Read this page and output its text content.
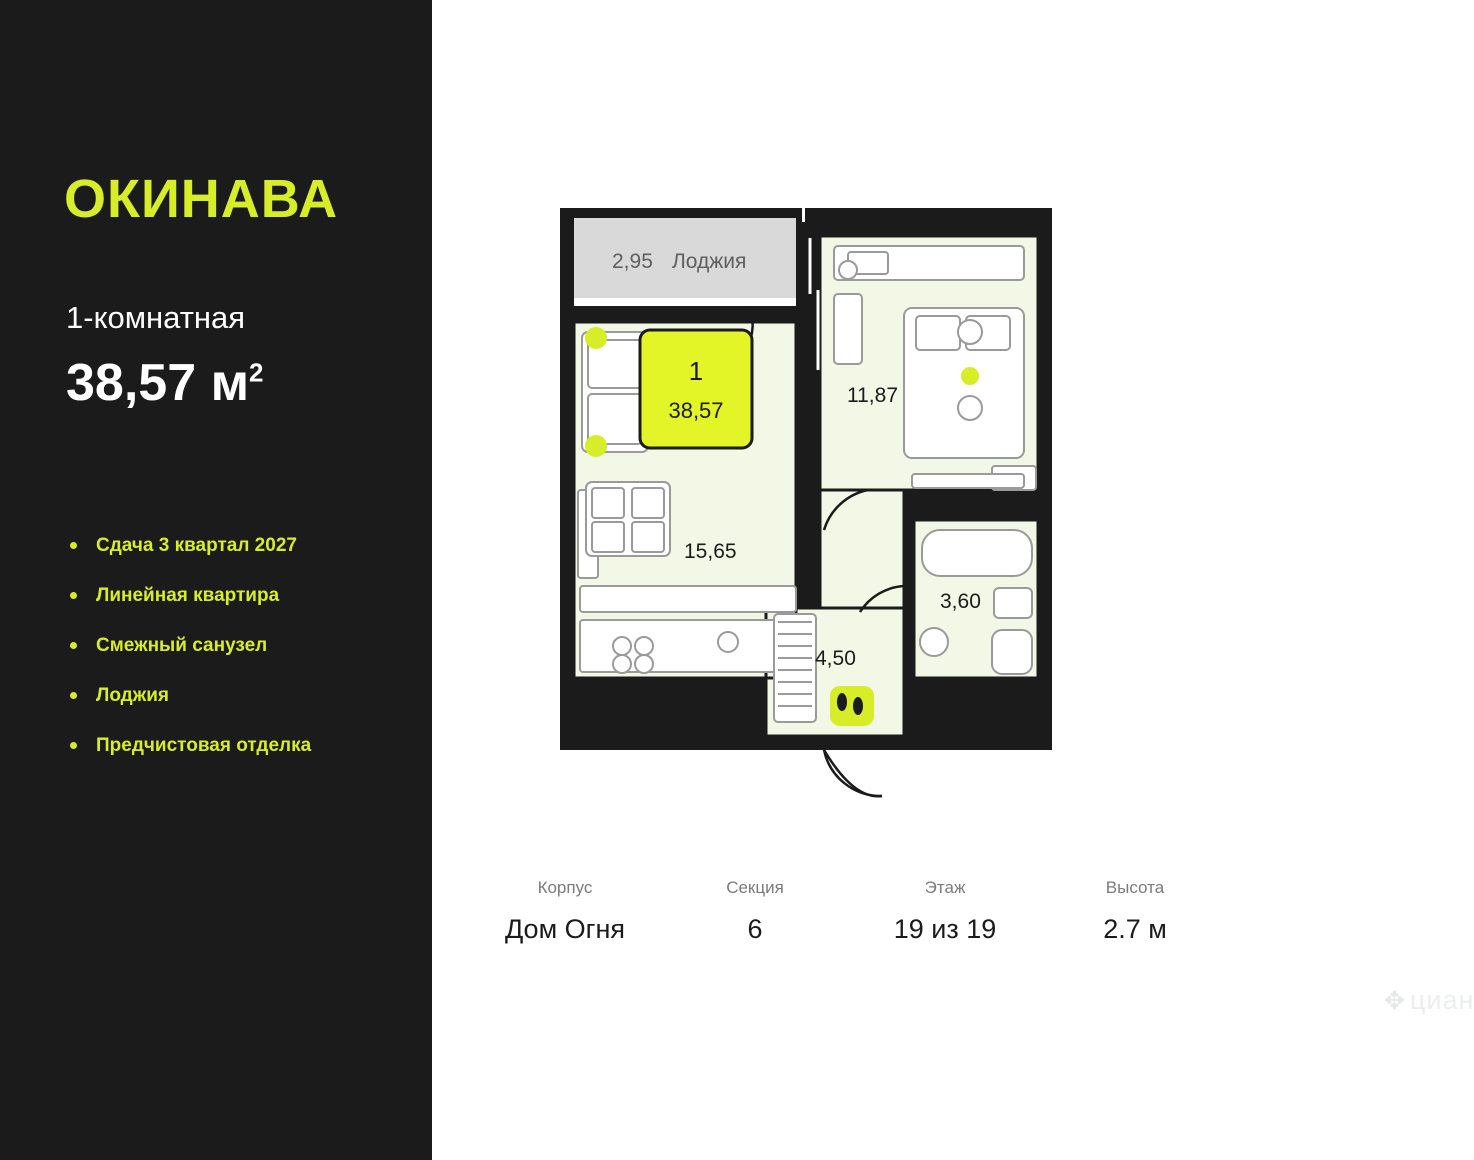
ОКИНАВА
1-комнатная
38,57 $м^2$
Сдача 3 квартал 2027
Линейная квартира
Смежный санузел
Лоджия
Предчистовая отделка
2,95 Лоджия
11,87
15,65
4,50
3,60
1
38,57
Корпус
Дом Огня
Секция
6
Этаж
19 из 19
Высота
2.7 м
✥ циан
